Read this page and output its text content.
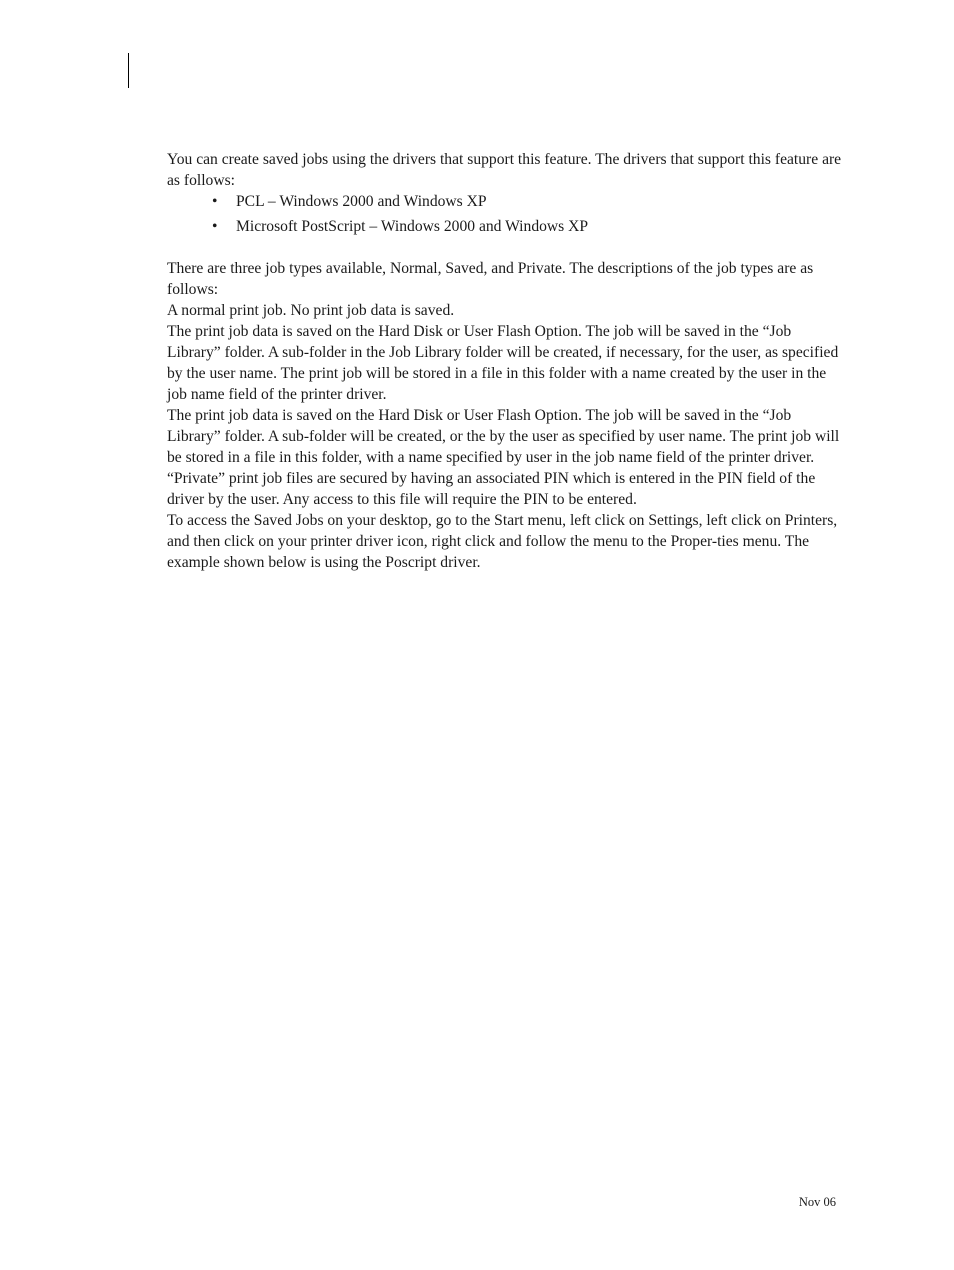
You can create saved jobs using the drivers that support this feature. The drivers that support this feature are as follows:

• PCL – Windows 2000 and Windows XP
• Microsoft PostScript – Windows 2000 and Windows XP

There are three job types available, Normal, Saved, and Private. The descriptions of the job types are as follows:

A normal print job. No print job data is saved.

The print job data is saved on the Hard Disk or User Flash Option. The job will be saved in the “Job Library” folder. A sub-folder in the Job Library folder will be created, if necessary, for the user, as specified by the user name. The print job will be stored in a file in this folder with a name created by the user in the job name field of the printer driver.

The print job data is saved on the Hard Disk or User Flash Option. The job will be saved in the “Job Library” folder. A sub-folder will be created, or the by the user as specified by user name. The print job will be stored in a file in this folder, with a name specified by user in the job name field of the printer driver. “Private” print job files are secured by having an associated PIN which is entered in the PIN field of the driver by the user. Any access to this file will require the PIN to be entered.

To access the Saved Jobs on your desktop, go to the Start menu, left click on Settings, left click on Printers, and then click on your printer driver icon, right click and follow the menu to the Proper-ties menu. The example shown below is using the Poscript driver.

Nov 06
